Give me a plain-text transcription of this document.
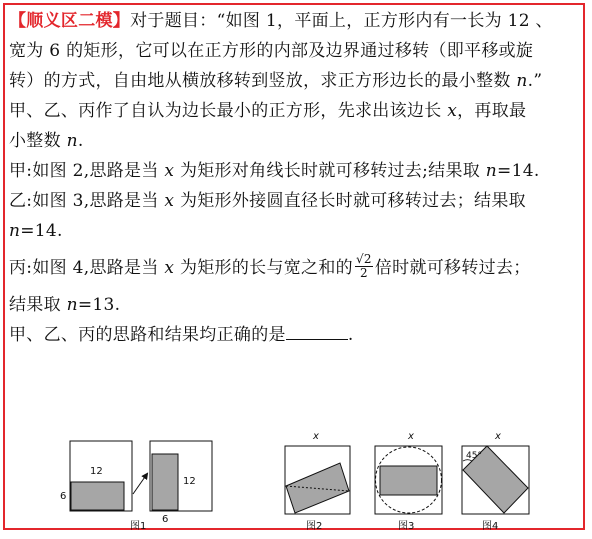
【顺义区二模】对于题目：“如图 1，平面上，正方形内有一长为 12 、
宽为 6 的矩形，它可以在正方形的内部及边界通过移转（即平移或旋
转）的方式，自由地从横放移转到竖放，求正方形边长的最小整数 n.”
甲、乙、丙作了自认为边长最小的正方形，先求出该边长 x，再取最
小整数 n.
甲:如图 2,思路是当 x 为矩形对角线长时就可移转过去;结果取 n=14.
乙:如图 3,思路是当 x 为矩形外接圆直径长时就可移转过去；结果取
n=14.
丙:如图 4,思路是当 x 为矩形的长与宽之和的 $\frac{√2}{2}$ 倍时就可移转过去；
结果取 n=13.
甲、乙、丙的思路和结果均正确的是	.
12
6
12
6
图1
x
图2
x
图3
x
45°
图4
